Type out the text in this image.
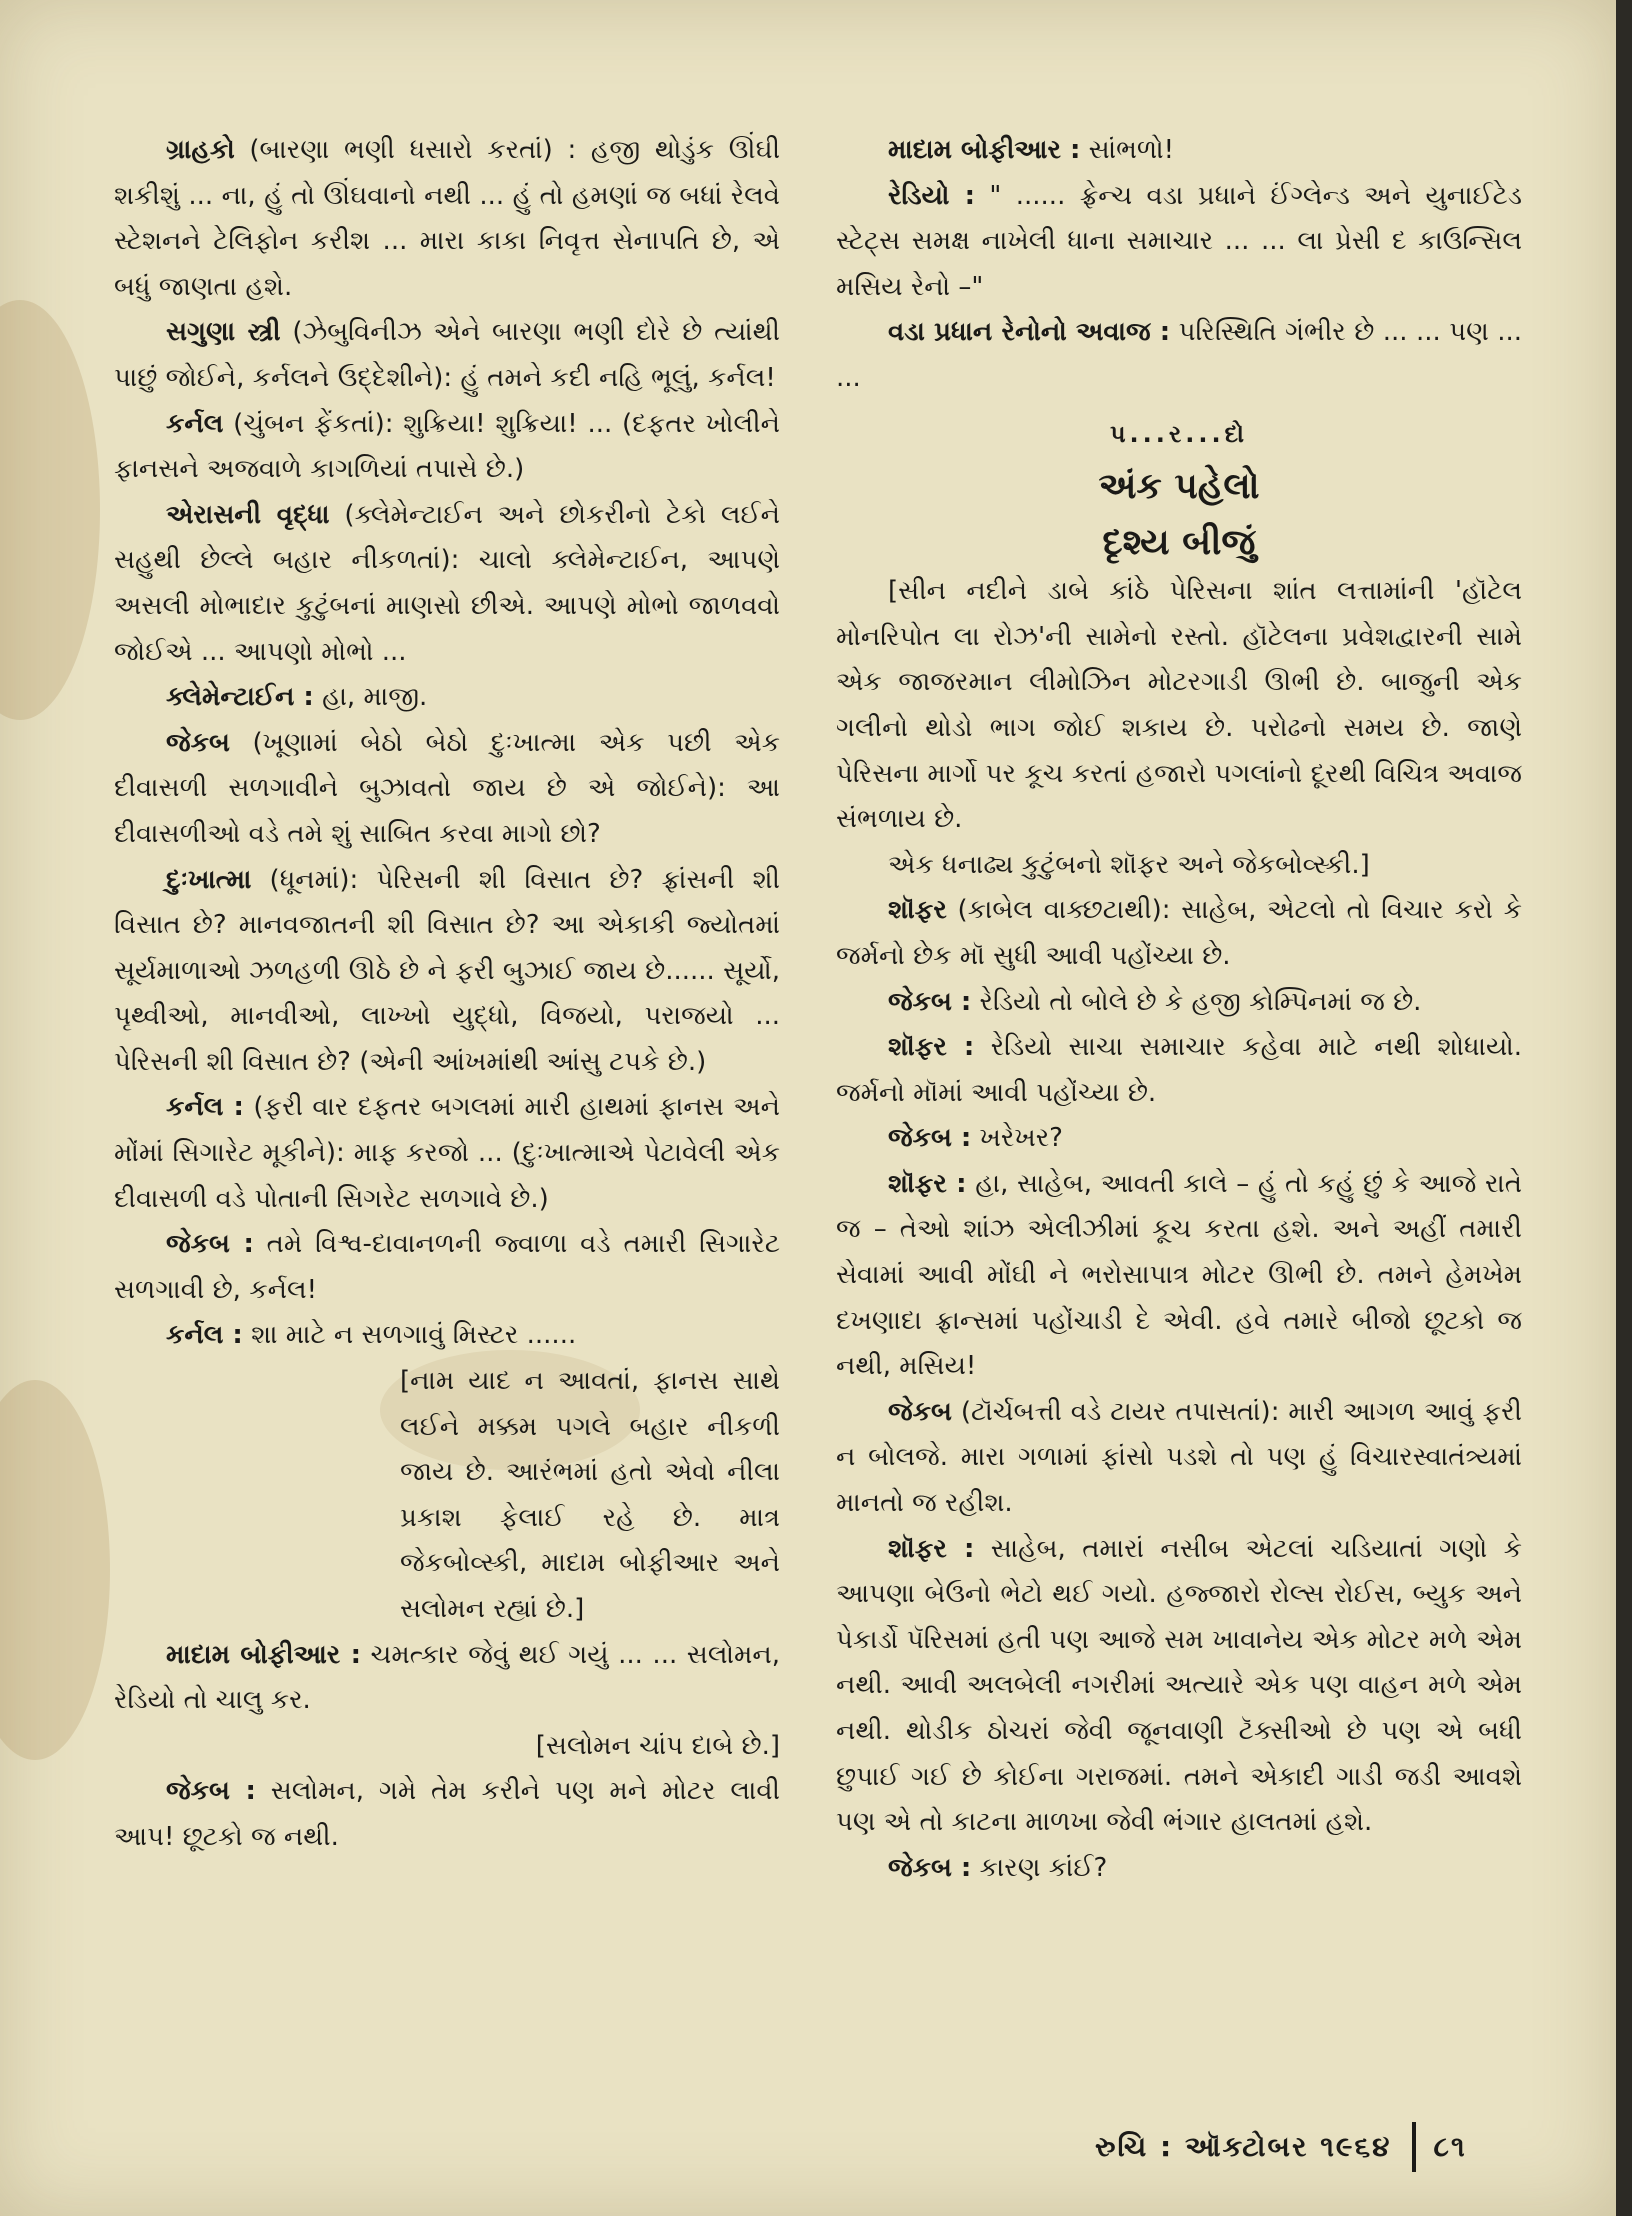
ગ્રાહકો (બારણા ભણી ધસારો કરતાં) : હજી થોડુંક ઊંઘી શકીશું ... ના, હું તો ઊંઘવાનો નથી ... હું તો હમણાં જ બધાં રેલવે સ્ટેશનને ટેલિફોન કરીશ ... મારા કાકા નિવૃત્ત સેનાપતિ છે, એ બધું જાણતા હશે.

સગુણા સ્ત્રી (ઝેબુવિનીઝ એને બારણા ભણી દોરે છે ત્યાંથી પાછું જોઈને, કર્નલને ઉદ્દેશીને): હું તમને કદી નહિ ભૂલું, કર્નલ!

કર્નલ (ચુંબન ફેંકતાં): શુક્રિયા! શુક્રિયા! ... (દફતર ખોલીને ફાનસને અજવાળે કાગળિયાં તપાસે છે.)

એરાસની વૃદ્ધા (ક્લેમેન્ટાઈન અને છોકરીનો ટેકો લઈને સહુથી છેલ્લે બહાર નીકળતાં): ચાલો ક્લેમેન્ટાઈન, આપણે અસલી મોભાદાર કુટુંબનાં માણસો છીએ. આપણે મોભો જાળવવો જોઈએ ... આપણો મોભો ...

ક્લેમેન્ટાઈન : હા, માજી.

જેકબ (ખૂણામાં બેઠો બેઠો દુઃખાત્મા એક પછી એક દીવાસળી સળગાવીને બુઝાવતો જાય છે એ જોઈને): આ દીવાસળીઓ વડે તમે શું સાબિત કરવા માગો છો?

દુઃખાત્મા (ધૂનમાં): પેરિસની શી વિસાત છે? ફ્રાંસની શી વિસાત છે? માનવજાતની શી વિસાત છે? આ એકાકી જ્યોતમાં સૂર્યમાળાઓ ઝળહળી ઊઠે છે ને ફરી બુઝાઈ જાય છે...... સૂર્યો, પૃથ્વીઓ, માનવીઓ, લાખ્ખો યુદ્ધો, વિજયો, પરાજયો ... પેરિસની શી વિસાત છે? (એની આંખમાંથી આંસુ ટપકે છે.)

કર્નલ : (ફરી વાર દફતર બગલમાં મારી હાથમાં ફાનસ અને મોંમાં સિગારેટ મૂકીને): માફ કરજો ... (દુઃખાત્માએ પેટાવેલી એક દીવાસળી વડે પોતાની સિગરેટ સળગાવે છે.)

જેકબ : તમે વિશ્વ-દાવાનળની જ્વાળા વડે તમારી સિગારેટ સળગાવી છે, કર્નલ!

કર્નલ : શા માટે ન સળગાવું મિસ્ટર ......

[નામ યાદ ન આવતાં, ફાનસ સાથે લઈને મક્કમ પગલે બહાર નીકળી જાય છે. આરંભમાં હતો એવો નીલા પ્રકાશ ફેલાઈ રહે છે. માત્ર જેકબોવ્સ્કી, માદામ બોફીઆર અને સલોમન રહ્યાં છે.]

માદામ બોફીઆર : ચમત્કાર જેવું થઈ ગયું ... ... સલોમન, રેડિયો તો ચાલુ કર.

[સલોમન ચાંપ દાબે છે.]

જેકબ : સલોમન, ગમે તેમ કરીને પણ મને મોટર લાવી આપ! છૂટકો જ નથી.

માદામ બોફીઆર : સાંભળો!

રેડિયો : " ...... ફ્રેન્ચ વડા પ્રધાને ઈંગ્લેન્ડ અને યુનાઈટેડ સ્ટેટ્સ સમક્ષ નાખેલી ધાના સમાચાર ... ... લા પ્રેસી દ કાઉન્સિલ મસિય રેનો –"

વડા પ્રધાન રેનોનો અવાજ : પરિસ્થિતિ ગંભીર છે ... ... પણ ... ...

પ...ર...દો

અંક પહેલો

દૃશ્ય બીજું

[સીન નદીને ડાબે કાંઠે પેરિસના શાંત લત્તામાંની 'હૉટેલ મોનરિપોત લા રોઝ'ની સામેનો રસ્તો. હૉટેલના પ્રવેશદ્વારની સામે એક જાજરમાન લીમોઝિન મોટરગાડી ઊભી છે. બાજુની એક ગલીનો થોડો ભાગ જોઈ શકાય છે. પરોઢનો સમય છે. જાણે પેરિસના માર્ગો પર કૂચ કરતાં હજારો પગલાંનો દૂરથી વિચિત્ર અવાજ સંભળાય છે.

એક ધનાઢ્ય કુટુંબનો શૉફર અને જેકબોવ્સ્કી.]

શૉફર (કાબેલ વાક્છટાથી): સાહેબ, એટલો તો વિચાર કરો કે જર્મનો છેક મૉ સુધી આવી પહોંચ્યા છે.

જેકબ : રેડિયો તો બોલે છે કે હજી કોમ્પિનમાં જ છે.

શૉફર : રેડિયો સાચા સમાચાર કહેવા માટે નથી શોધાયો. જર્મનો મૉમાં આવી પહોંચ્યા છે.

જેકબ : ખરેખર?

શૉફર : હા, સાહેબ, આવતી કાલે – હું તો કહું છું કે આજે રાતે જ – તેઓ શાંઝ એલીઝીમાં કૂચ કરતા હશે. અને અહીં તમારી સેવામાં આવી મોંઘી ને ભરોસાપાત્ર મોટર ઊભી છે. તમને હેમખેમ દખણાદા ફ્રાન્સમાં પહોંચાડી દે એવી. હવે તમારે બીજો છૂટકો જ નથી, મસિય!

જેકબ (ટૉર્ચબત્તી વડે ટાયર તપાસતાં): મારી આગળ આવું ફરી ન બોલજે. મારા ગળામાં ફાંસો પડશે તો પણ હું વિચારસ્વાતંત્ર્યમાં માનતો જ રહીશ.

શૉફર : સાહેબ, તમારાં નસીબ એટલાં ચડિયાતાં ગણો કે આપણા બેઉનો ભેટો થઈ ગયો. હજ્જારો રોલ્સ રોઈસ, બ્યુક અને પેકાર્ડો પૅરિસમાં હતી પણ આજે સમ ખાવાનેય એક મોટર મળે એમ નથી. આવી અલબેલી નગરીમાં અત્યારે એક પણ વાહન મળે એમ નથી. થોડીક ઠોચરાં જેવી જૂનવાણી ટૅક્સીઓ છે પણ એ બધી છુપાઈ ગઈ છે કોઈના ગરાજમાં. તમને એકાદી ગાડી જડી આવશે પણ એ તો કાટના માળખા જેવી ભંગાર હાલતમાં હશે.

જેકબ : કારણ કાંઈ?

રુચિ : ઑક્ટોબર ૧૯૬૪ ૮૧
